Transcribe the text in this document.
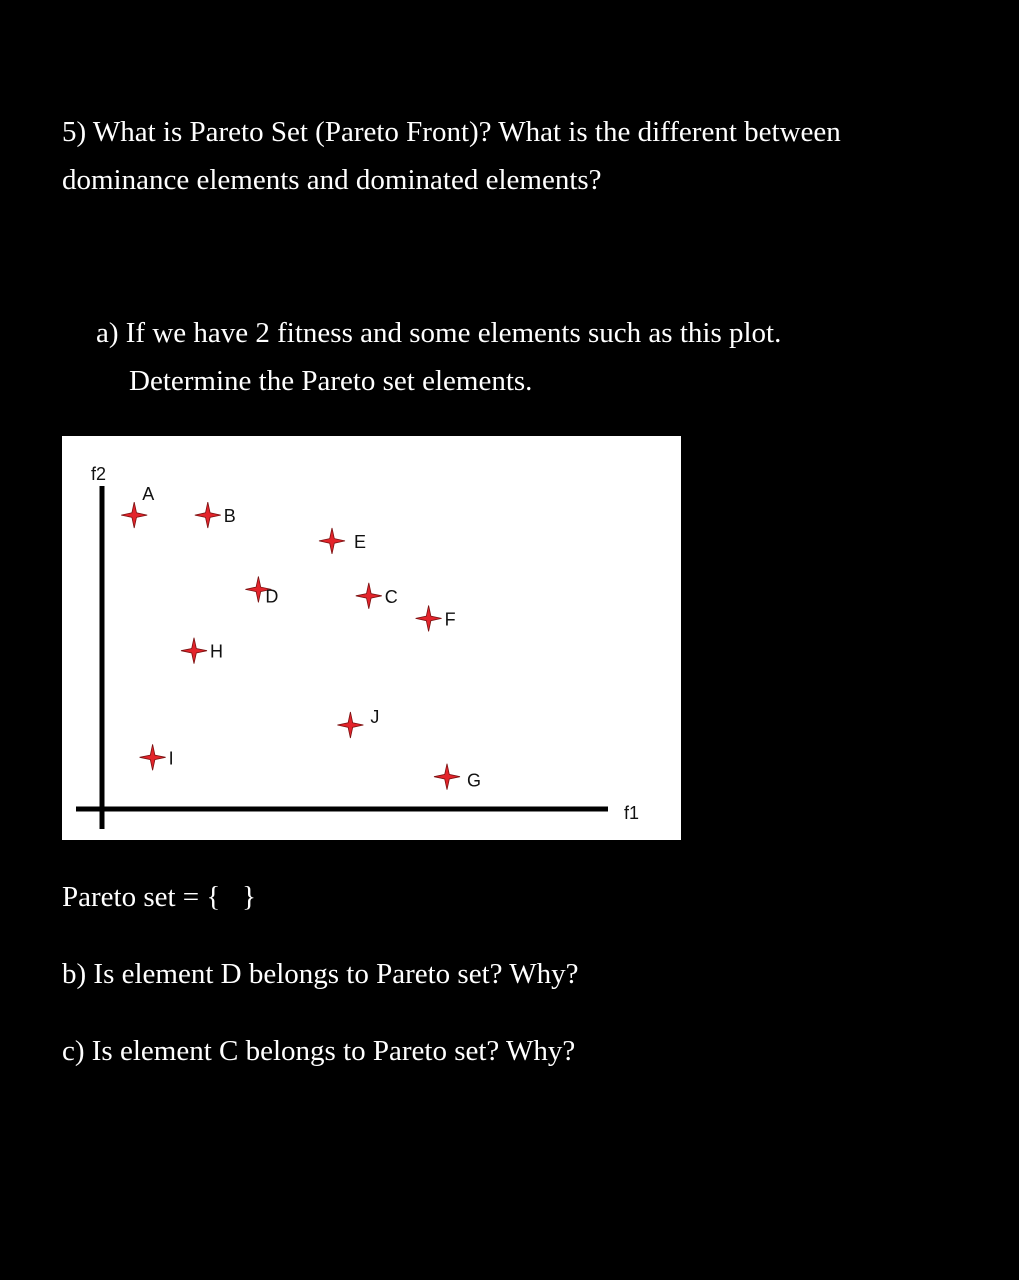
5) What is Pareto Set (Pareto Front)? What is the different between
dominance elements and dominated elements?

a) If we have 2 fitness and some elements such as this plot.
Determine the Pareto set elements.

f2
f1
A
B
E
D	C
F
H
J
I
G

Pareto set = {   }

b) Is element D belongs to Pareto set? Why?

c) Is element C belongs to Pareto set? Why?
